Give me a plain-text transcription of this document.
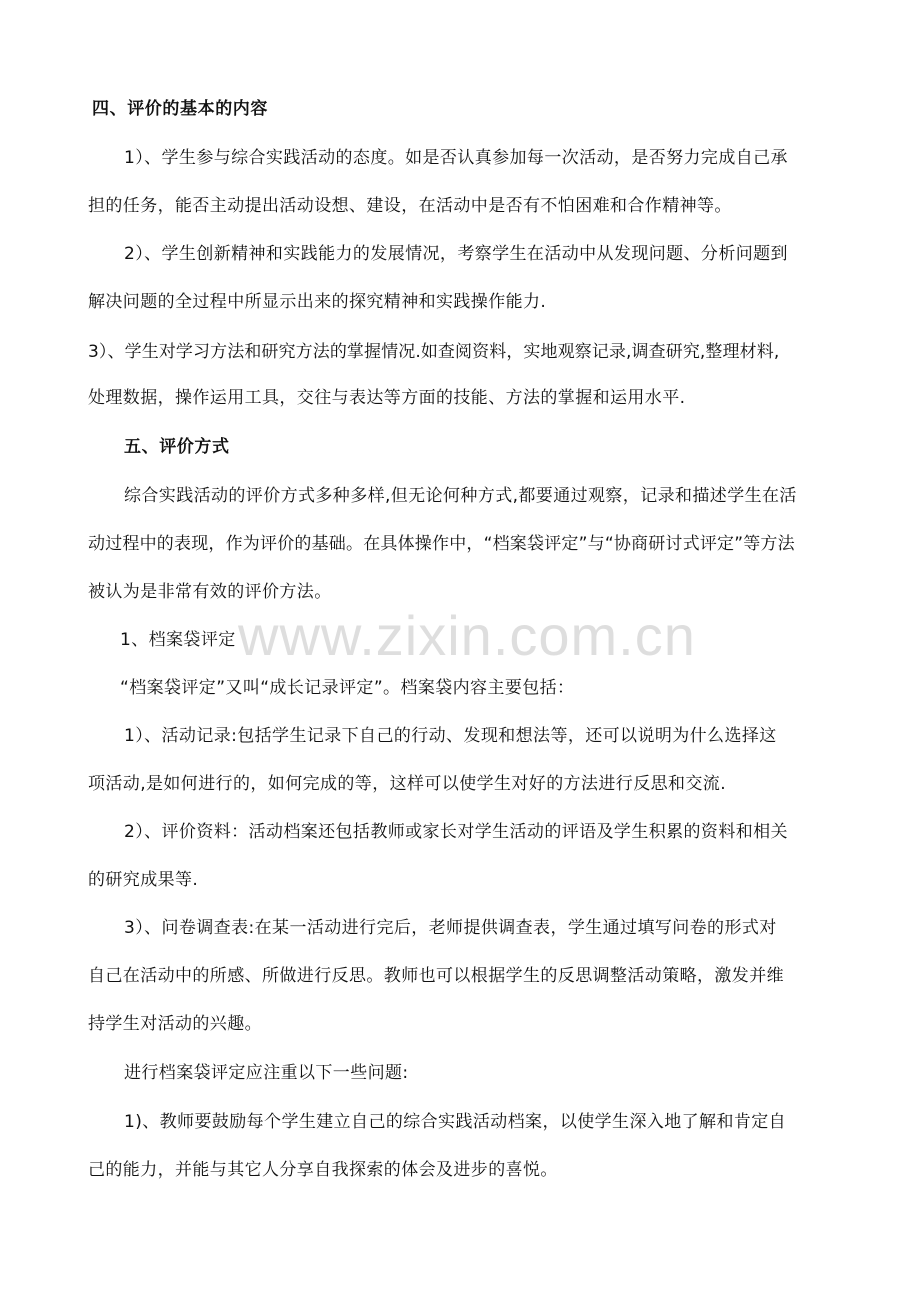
四、评价的基本的内容
1）、学生参与综合实践活动的态度。如是否认真参加每一次活动，是否努力完成自己承
担的任务，能否主动提出活动设想、建设，在活动中是否有不怕困难和合作精神等。
2）、学生创新精神和实践能力的发展情况，考察学生在活动中从发现问题、分析问题到
解决问题的全过程中所显示出来的探究精神和实践操作能力.
3）、学生对学习方法和研究方法的掌握情况.如查阅资料，实地观察记录,调查研究,整理材料,
处理数据，操作运用工具，交往与表达等方面的技能、方法的掌握和运用水平.
五、评价方式
综合实践活动的评价方式多种多样,但无论何种方式,都要通过观察，记录和描述学生在活
动过程中的表现，作为评价的基础。在具体操作中，“档案袋评定”与“协商研讨式评定”等方法
被认为是非常有效的评价方法。
1、档案袋评定
“档案袋评定”又叫“成长记录评定”。档案袋内容主要包括：
1）、活动记录:包括学生记录下自己的行动、发现和想法等，还可以说明为什么选择这
项活动,是如何进行的，如何完成的等，这样可以使学生对好的方法进行反思和交流.
2）、评价资料：活动档案还包括教师或家长对学生活动的评语及学生积累的资料和相关
的研究成果等.
3）、问卷调查表:在某一活动进行完后，老师提供调查表，学生通过填写问卷的形式对
自己在活动中的所感、所做进行反思。教师也可以根据学生的反思调整活动策略，激发并维
持学生对活动的兴趣。
进行档案袋评定应注重以下一些问题:
1)、教师要鼓励每个学生建立自己的综合实践活动档案，以使学生深入地了解和肯定自
己的能力，并能与其它人分享自我探索的体会及进步的喜悦。
www.zixin.com.cn
